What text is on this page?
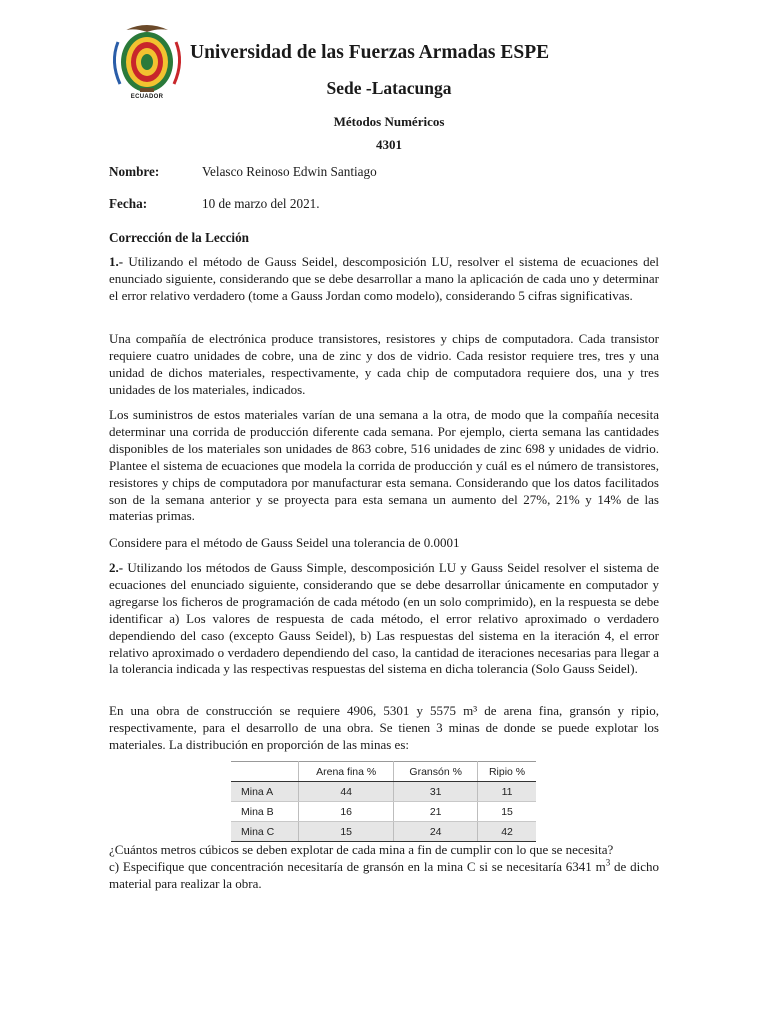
ECUADOR
Universidad de las Fuerzas Armadas ESPE
Sede -Latacunga
Métodos Numéricos
4301
Nombre:	Velasco Reinoso Edwin Santiago
Fecha:	10 de marzo del 2021.
Corrección de la Lección

1.- Utilizando el método de Gauss Seidel, descomposición LU, resolver el sistema de ecuaciones del enunciado siguiente, considerando que se debe desarrollar a mano la aplicación de cada uno y determinar el error relativo verdadero (tome a Gauss Jordan como modelo), considerando 5 cifras significativas.

Una compañía de electrónica produce transistores, resistores y chips de computadora. Cada transistor requiere cuatro unidades de cobre, una de zinc y dos de vidrio. Cada resistor requiere tres, tres y una unidad de dichos materiales, respectivamente, y cada chip de computadora requiere dos, una y tres unidades de los materiales, indicados.

Los suministros de estos materiales varían de una semana a la otra, de modo que la compañía necesita determinar una corrida de producción diferente cada semana. Por ejemplo, cierta semana las cantidades disponibles de los materiales son unidades de 863 cobre, 516 unidades de zinc 698 y unidades de vidrio. Plantee el sistema de ecuaciones que modela la corrida de producción y cuál es el número de transistores, resistores y chips de computadora por manufacturar esta semana. Considerando que los datos facilitados son de la semana anterior y se proyecta para esta semana un aumento del 27%, 21% y 14% de las materias primas.

Considere para el método de Gauss Seidel una tolerancia de 0.0001

2.- Utilizando los métodos de Gauss Simple, descomposición LU y Gauss Seidel resolver el sistema de ecuaciones del enunciado siguiente, considerando que se debe desarrollar únicamente en computador y agregarse los ficheros de programación de cada método (en un solo comprimido), en la respuesta se debe identificar a) Los valores de respuesta de cada método, el error relativo aproximado o verdadero dependiendo del caso (excepto Gauss Seidel), b) Las respuestas del sistema en la iteración 4, el error relativo aproximado o verdadero dependiendo del caso, la cantidad de iteraciones necesarias para llegar a la tolerancia indicada y las respectivas respuestas del sistema en dicha tolerancia (Solo Gauss Seidel).

En una obra de construcción se requiere 4906, 5301 y 5575 m³ de arena fina, gransón y ripio, respectivamente, para el desarrollo de una obra. Se tienen 3 minas de donde se puede explotar los materiales. La distribución en proporción de las minas es:

	Arena fina %	Gransón %	Ripio %
Mina A	44	31	11
Mina B	16	21	15
Mina C	15	24	42

¿Cuántos metros cúbicos se deben explotar de cada mina a fin de cumplir con lo que se necesita?

c) Especifique que concentración necesitaría de gransón en la mina C si se necesitaría 6341 $m^3$ de dicho material para realizar la obra.
